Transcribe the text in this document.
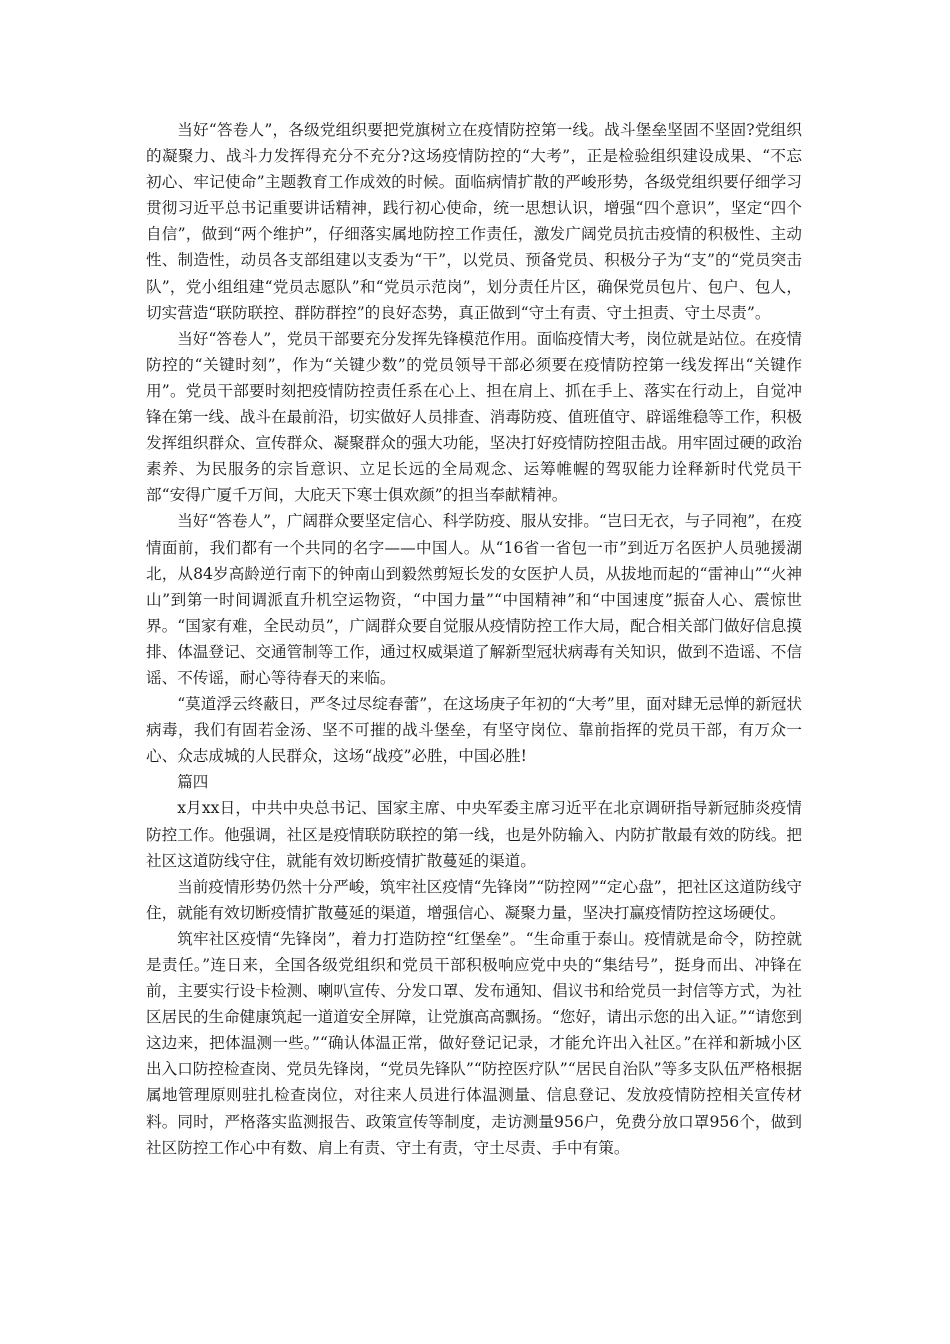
当好“答卷人”，各级党组织要把党旗树立在疫情防控第一线。战斗堡垒坚固不坚固?党组织的凝聚力、战斗力发挥得充分不充分?这场疫情防控的“大考”，正是检验组织建设成果、“不忘初心、牢记使命”主题教育工作成效的时候。面临病情扩散的严峻形势，各级党组织要仔细学习贯彻习近平总书记重要讲话精神，践行初心使命，统一思想认识，增强“四个意识”，坚定“四个自信”，做到“两个维护”，仔细落实属地防控工作责任，激发广阔党员抗击疫情的积极性、主动性、制造性，动员各支部组建以支委为“干”，以党员、预备党员、积极分子为“支”的“党员突击队”，党小组组建“党员志愿队”和“党员示范岗”，划分责任片区，确保党员包片、包户、包人，切实营造“联防联控、群防群控”的良好态势，真正做到“守土有责、守土担责、守土尽责”。

当好“答卷人”，党员干部要充分发挥先锋模范作用。面临疫情大考，岗位就是站位。在疫情防控的“关键时刻”，作为“关键少数”的党员领导干部必须要在疫情防控第一线发挥出“关键作用”。党员干部要时刻把疫情防控责任系在心上、担在肩上、抓在手上、落实在行动上，自觉冲锋在第一线、战斗在最前沿，切实做好人员排查、消毒防疫、值班值守、辟谣维稳等工作，积极发挥组织群众、宣传群众、凝聚群众的强大功能，坚决打好疫情防控阻击战。用牢固过硬的政治素养、为民服务的宗旨意识、立足长远的全局观念、运筹帷幄的驾驭能力诠释新时代党员干部“安得广厦千万间，大庇天下寒士俱欢颜”的担当奉献精神。

当好“答卷人”，广阔群众要坚定信心、科学防疫、服从安排。“岂曰无衣，与子同袍”，在疫情面前，我们都有一个共同的名字——中国人。从“16省一省包一市”到近万名医护人员驰援湖北，从84岁高龄逆行南下的钟南山到毅然剪短长发的女医护人员，从拔地而起的“雷神山”“火神山”到第一时间调派直升机空运物资，“中国力量”“中国精神”和“中国速度”振奋人心、震惊世界。“国家有难，全民动员”，广阔群众要自觉服从疫情防控工作大局，配合相关部门做好信息摸排、体温登记、交通管制等工作，通过权威渠道了解新型冠状病毒有关知识，做到不造谣、不信谣、不传谣，耐心等待春天的来临。

“莫道浮云终蔽日，严冬过尽绽春蕾”，在这场庚子年初的“大考”里，面对肆无忌惮的新冠状病毒，我们有固若金汤、坚不可摧的战斗堡垒，有坚守岗位、靠前指挥的党员干部，有万众一心、众志成城的人民群众，这场“战疫”必胜，中国必胜!

篇四

x月xx日，中共中央总书记、国家主席、中央军委主席习近平在北京调研指导新冠肺炎疫情防控工作。他强调，社区是疫情联防联控的第一线，也是外防输入、内防扩散最有效的防线。把社区这道防线守住，就能有效切断疫情扩散蔓延的渠道。

当前疫情形势仍然十分严峻，筑牢社区疫情“先锋岗”“防控网”“定心盘”，把社区这道防线守住，就能有效切断疫情扩散蔓延的渠道，增强信心、凝聚力量，坚决打赢疫情防控这场硬仗。

筑牢社区疫情“先锋岗”，着力打造防控“红堡垒”。“生命重于泰山。疫情就是命令，防控就是责任。”连日来，全国各级党组织和党员干部积极响应党中央的“集结号”，挺身而出、冲锋在前，主要实行设卡检测、喇叭宣传、分发口罩、发布通知、倡议书和给党员一封信等方式，为社区居民的生命健康筑起一道道安全屏障，让党旗高高飘扬。“您好，请出示您的出入证。”“请您到这边来，把体温测一些。”“确认体温正常，做好登记记录，才能允许出入社区。”在祥和新城小区出入口防控检查岗、党员先锋岗，“党员先锋队”“防控医疗队”“居民自治队”等多支队伍严格根据属地管理原则驻扎检查岗位，对往来人员进行体温测量、信息登记、发放疫情防控相关宣传材料。同时，严格落实监测报告、政策宣传等制度，走访测量956户，免费分放口罩956个，做到社区防控工作心中有数、肩上有责、守土有责，守土尽责、手中有策。
